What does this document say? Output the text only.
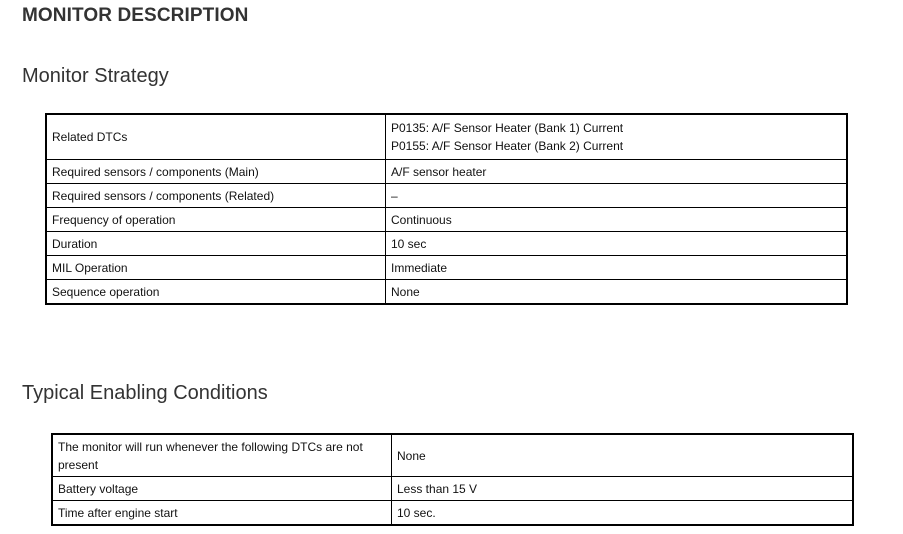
MONITOR DESCRIPTION
Monitor Strategy
Related DTCs	P0135: A/F Sensor Heater (Bank 1) Current
P0155: A/F Sensor Heater (Bank 2) Current

Required sensors / components (Main)	A/F sensor heater
Required sensors / components (Related)	–
Frequency of operation	Continuous
Duration	10 sec
MIL Operation	Immediate
Sequence operation	None
Typical Enabling Conditions
The monitor will run whenever the following DTCs are not present	None
Battery voltage	Less than 15 V
Time after engine start	10 sec.
